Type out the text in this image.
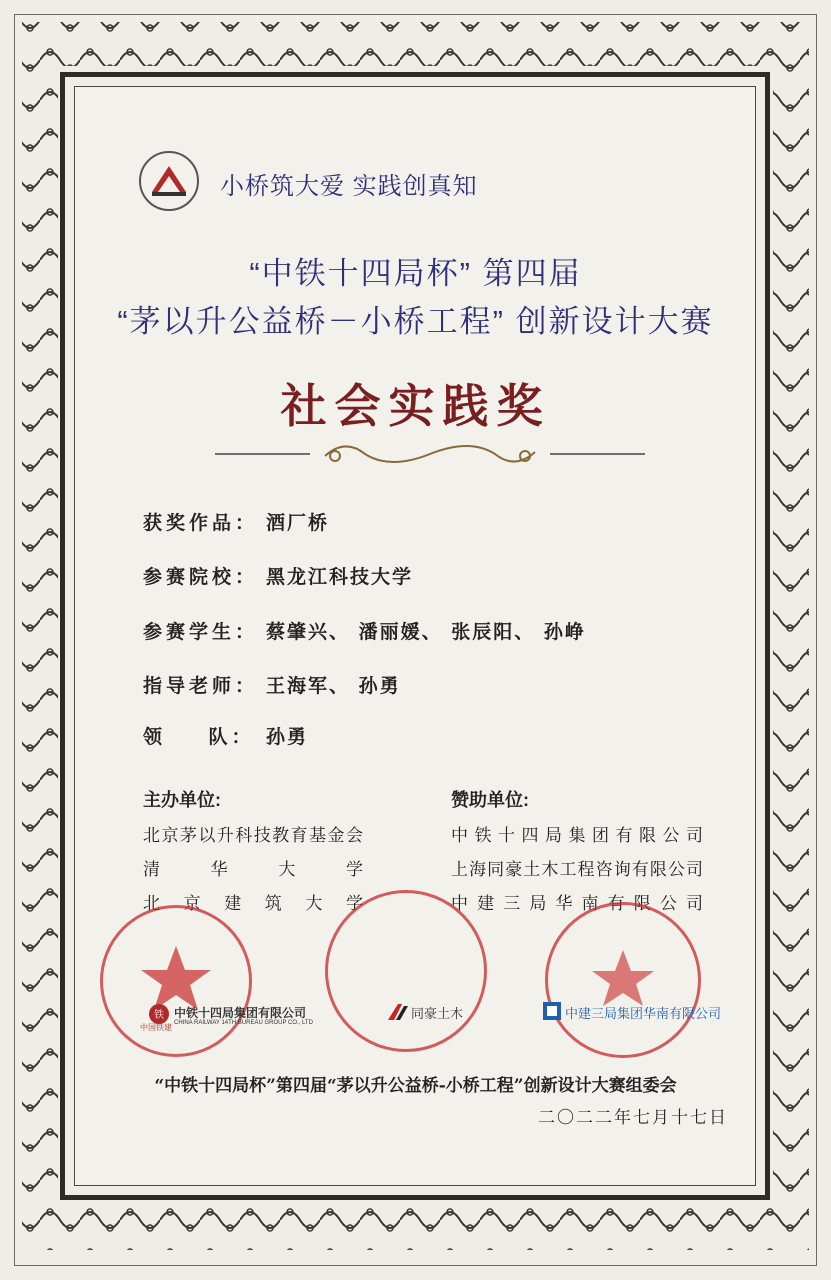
小桥筑大爱 实践创真知
“中铁十四局杯” 第四届
“茅以升公益桥－小桥工程” 创新设计大赛
社会实践奖
获奖作品： 酒厂桥
参赛院校： 黑龙江科技大学
参赛学生： 蔡肇兴、 潘丽媛、 张辰阳、 孙峥
指导老师： 王海军、 孙勇
领    队： 孙勇
主办单位:
北京茅以升科技教育基金会
清华大学
北京建筑大学
赞助单位:
中铁十四局集团有限公司
上海同豪土木工程咨询有限公司
中建三局华南有限公司
铁 中铁十四局集团有限公司
CHINA RAILWAY 14TH BUREAU GROUP CO., LTD
中国铁建
同豪土木	中建三局集团华南有限公司
“中铁十四局杯”第四届“茅以升公益桥-小桥工程”创新设计大赛组委会
二〇二二年七月十七日
